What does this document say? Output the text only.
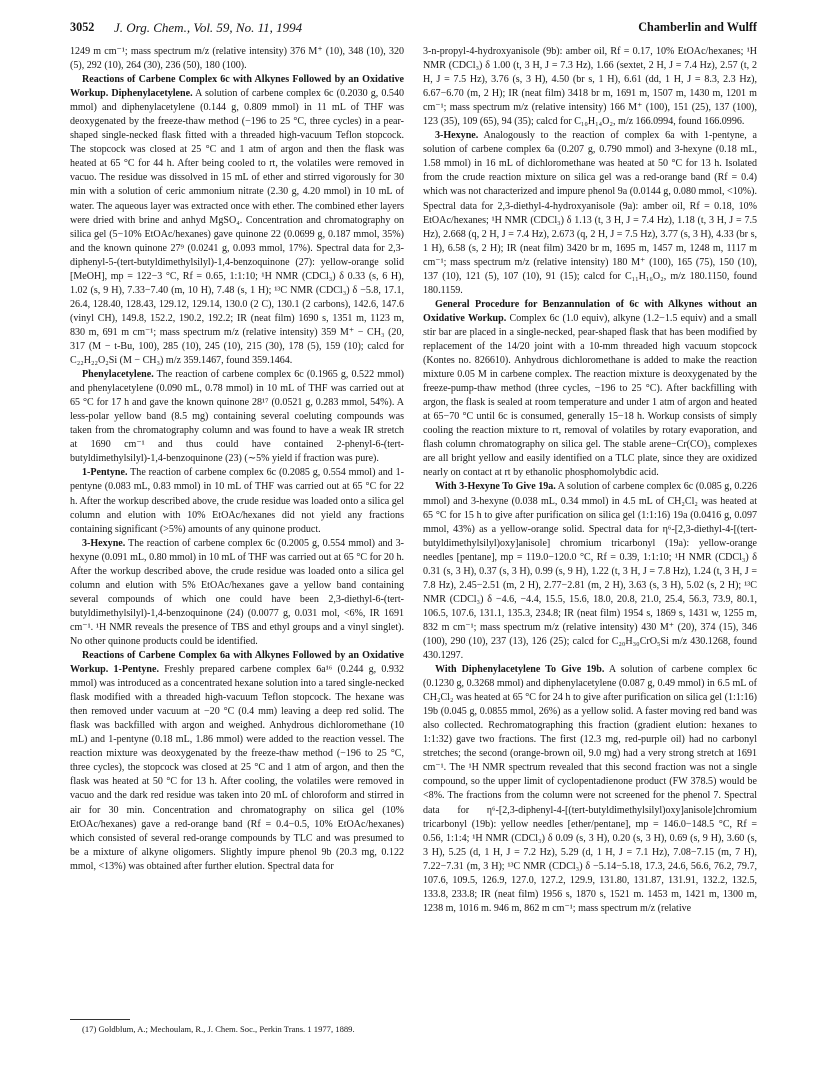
3052 J. Org. Chem., Vol. 59, No. 11, 1994	Chamberlin and Wulff

1249 m cm⁻¹; mass spectrum m/z (relative intensity) 376 M⁺ (10), 348 (10), 320 (5), 292 (10), 264 (30), 236 (50), 180 (100).

Reactions of Carbene Complex 6c with Alkynes Followed by an Oxidative Workup. Diphenylacetylene. A solution of carbene complex 6c (0.2030 g, 0.540 mmol) and diphenylacetylene (0.144 g, 0.809 mmol) in 11 mL of THF was deoxygenated by the freeze-thaw method (−196 to 25 °C, three cycles) in a pear-shaped single-necked flask fitted with a threaded high-vacuum Teflon stopcock. The stopcock was closed at 25 °C and 1 atm of argon and then the flask was heated at 65 °C for 44 h. After being cooled to rt, the volatiles were removed in vacuo. The residue was dissolved in 15 mL of ether and stirred vigorously for 30 min with a solution of ceric ammonium nitrate (2.30 g, 4.20 mmol) in 10 mL of water. The aqueous layer was extracted once with ether. The combined ether layers were dried with brine and anhyd MgSO₄. Concentration and chromatography on silica gel (5−10% EtOAc/hexanes) gave quinone 22 (0.0699 g, 0.187 mmol, 35%) and the known quinone 27⁹ (0.0241 g, 0.093 mmol, 17%). Spectral data for 2,3-diphenyl-5-(tert-butyldimethylsilyl)-1,4-benzoquinone (27): yellow-orange solid [MeOH], mp = 122−3 °C, Rf = 0.65, 1:1:10; ¹H NMR (CDCl₃) δ 0.33 (s, 6 H), 1.02 (s, 9 H), 7.33−7.40 (m, 10 H), 7.48 (s, 1 H); ¹³C NMR (CDCl₃) δ −5.8, 17.1, 26.4, 128.40, 128.43, 129.12, 129.14, 130.0 (2 C), 130.1 (2 carbons), 142.6, 147.6 (vinyl CH), 149.8, 152.2, 190.2, 192.2; IR (neat film) 1690 s, 1351 m, 1123 m, 830 m, 691 m cm⁻¹; mass spectrum m/z (relative intensity) 359 M⁺ − CH₃ (20, 317 (M − t-Bu, 100), 285 (10), 245 (10), 215 (30), 178 (5), 159 (10); calcd for C₂₂H₂₂O₂Si (M − CH₃) m/z 359.1467, found 359.1464.

Phenylacetylene. The reaction of carbene complex 6c (0.1965 g, 0.522 mmol) and phenylacetylene (0.090 mL, 0.78 mmol) in 10 mL of THF was carried out at 65 °C for 17 h and gave the known quinone 28¹⁷ (0.0521 g, 0.283 mmol, 54%). A less-polar yellow band (8.5 mg) containing several coeluting compounds was taken from the chromatography column and was found to have a weak IR stretch at 1690 cm⁻¹ and thus could have contained 2-phenyl-6-(tert-butyldimethylsilyl)-1,4-benzoquinone (23) (∼5% yield if fraction was pure).

1-Pentyne. The reaction of carbene complex 6c (0.2085 g, 0.554 mmol) and 1-pentyne (0.083 mL, 0.83 mmol) in 10 mL of THF was carried out at 65 °C for 22 h. After the workup described above, the crude residue was loaded onto a silica gel column and elution with 10% EtOAc/hexanes did not yield any fractions containing significant (>5%) amounts of any quinone product.

3-Hexyne. The reaction of carbene complex 6c (0.2005 g, 0.554 mmol) and 3-hexyne (0.091 mL, 0.80 mmol) in 10 mL of THF was carried out at 65 °C for 20 h. After the workup described above, the crude residue was loaded onto a silica gel column and elution with 5% EtOAc/hexanes gave a yellow band containing several compounds of which one could have been 2,3-diethyl-6-(tert-butyldimethylsilyl)-1,4-benzoquinone (24) (0.0077 g, 0.031 mol, <6%, IR 1691 cm⁻¹. ¹H NMR reveals the presence of TBS and ethyl groups and a vinyl singlet). No other quinone products could be identified.

Reactions of Carbene Complex 6a with Alkynes Followed by an Oxidative Workup. 1-Pentyne. Freshly prepared carbene complex 6a¹⁶ (0.244 g, 0.932 mmol) was introduced as a concentrated hexane solution into a tared single-necked flask modified with a threaded high-vacuum Teflon stopcock. The hexane was then removed under vacuum at −20 °C (0.4 mm) leaving a deep red solid. The flask was backfilled with argon and weighed. Anhydrous dichloromethane (10 mL) and 1-pentyne (0.18 mL, 1.86 mmol) were added to the reaction vessel. The reaction mixture was deoxygenated by the freeze-thaw method (−196 to 25 °C, three cycles), the stopcock was closed at 25 °C and 1 atm of argon, and then the flask was heated at 50 °C for 13 h. After cooling, the volatiles were removed in vacuo and the dark red residue was taken into 20 mL of chloroform and stirred in air for 30 min. Concentration and chromatography on silica gel (10% EtOAc/hexanes) gave a red-orange band (Rf = 0.4−0.5, 10% EtOAc/hexanes) which consisted of several red-orange compounds by TLC and was presumed to be a mixture of alkyne oligomers. Slightly impure phenol 9b (20.3 mg, 0.122 mmol, <13%) was obtained after further elution. Spectral data for

3-n-propyl-4-hydroxyanisole (9b): amber oil, Rf = 0.17, 10% EtOAc/hexanes; ¹H NMR (CDCl₃) δ 1.00 (t, 3 H, J = 7.3 Hz), 1.66 (sextet, 2 H, J = 7.4 Hz), 2.57 (t, 2 H, J = 7.5 Hz), 3.76 (s, 3 H), 4.50 (br s, 1 H), 6.61 (dd, 1 H, J = 8.3, 2.3 Hz), 6.67−6.70 (m, 2 H); IR (neat film) 3418 br m, 1691 m, 1507 m, 1430 m, 1201 m cm⁻¹; mass spectrum m/z (relative intensity) 166 M⁺ (100), 151 (25), 137 (100), 123 (35), 109 (65), 94 (35); calcd for C₁₀H₁₄O₂, m/z 166.0994, found 166.0996.

3-Hexyne. Analogously to the reaction of complex 6a with 1-pentyne, a solution of carbene complex 6a (0.207 g, 0.790 mmol) and 3-hexyne (0.18 mL, 1.58 mmol) in 16 mL of dichloromethane was heated at 50 °C for 13 h. Isolated from the crude reaction mixture on silica gel was a red-orange band (Rf = 0.4) which was not characterized and impure phenol 9a (0.0144 g, 0.080 mmol, <10%). Spectral data for 2,3-diethyl-4-hydroxyanisole (9a): amber oil, Rf = 0.18, 10% EtOAc/hexanes; ¹H NMR (CDCl₃) δ 1.13 (t, 3 H, J = 7.4 Hz), 1.18 (t, 3 H, J = 7.5 Hz), 2.668 (q, 2 H, J = 7.4 Hz), 2.673 (q, 2 H, J = 7.5 Hz), 3.77 (s, 3 H), 4.33 (br s, 1 H), 6.58 (s, 2 H); IR (neat film) 3420 br m, 1695 m, 1457 m, 1248 m, 1117 m cm⁻¹; mass spectrum m/z (relative intensity) 180 M⁺ (100), 165 (75), 150 (10), 137 (10), 121 (5), 107 (10), 91 (15); calcd for C₁₁H₁₆O₂, m/z 180.1150, found 180.1159.

General Procedure for Benzannulation of 6c with Alkynes without an Oxidative Workup. Complex 6c (1.0 equiv), alkyne (1.2−1.5 equiv) and a small stir bar are placed in a single-necked, pear-shaped flask that has been modified by replacement of the 14/20 joint with a 10-mm threaded high vacuum stopcock (Kontes no. 826610). Anhydrous dichloromethane is added to make the reaction mixture 0.05 M in carbene complex. The reaction mixture is deoxygenated by the freeze-pump-thaw method (three cycles, −196 to 25 °C). After backfilling with argon, the flask is sealed at room temperature and under 1 atm of argon and heated at 65−70 °C until 6c is consumed, generally 15−18 h. Workup consists of simply cooling the reaction mixture to rt, removal of volatiles by rotary evaporation, and flash column chromatography on silica gel. The stable arene−Cr(CO)₃ complexes are all bright yellow and easily identified on a TLC plate, since they are oxidized nearly on contact at rt by ethanolic phosphomolybdic acid.

With 3-Hexyne To Give 19a. A solution of carbene complex 6c (0.085 g, 0.226 mmol) and 3-hexyne (0.038 mL, 0.34 mmol) in 4.5 mL of CH₂Cl₂ was heated at 65 °C for 15 h to give after purification on silica gel (1:1:16) 19a (0.0416 g, 0.097 mmol, 43%) as a yellow-orange solid. Spectral data for η⁶-[2,3-diethyl-4-[(tert-butyldimethylsilyl)oxy]anisole] chromium tricarbonyl (19a): yellow-orange needles [pentane], mp = 119.0−120.0 °C, Rf = 0.39, 1:1:10; ¹H NMR (CDCl₃) δ 0.31 (s, 3 H), 0.37 (s, 3 H), 0.99 (s, 9 H), 1.22 (t, 3 H, J = 7.8 Hz), 1.24 (t, 3 H, J = 7.8 Hz), 2.45−2.51 (m, 2 H), 2.77−2.81 (m, 2 H), 3.63 (s, 3 H), 5.02 (s, 2 H); ¹³C NMR (CDCl₃) δ −4.6, −4.4, 15.5, 15.6, 18.0, 20.8, 21.0, 25.4, 56.3, 73.9, 80.1, 106.5, 107.6, 131.1, 135.3, 234.8; IR (neat film) 1954 s, 1869 s, 1431 w, 1255 m, 832 m cm⁻¹; mass spectrum m/z (relative intensity) 430 M⁺ (20), 374 (15), 346 (100), 290 (10), 237 (13), 126 (25); calcd for C₂₀H₃₀CrO₅Si m/z 430.1268, found 430.1297.

With Diphenylacetylene To Give 19b. A solution of carbene complex 6c (0.1230 g, 0.3268 mmol) and diphenylacetylene (0.087 g, 0.49 mmol) in 6.5 mL of CH₂Cl₂ was heated at 65 °C for 24 h to give after purification on silica gel (1:1:16) 19b (0.045 g, 0.0855 mmol, 26%) as a yellow solid. A faster moving red band was also collected. Rechromatographing this fraction (gradient elution: hexanes to 1:1:32) gave two fractions. The first (12.3 mg, red-purple oil) had no carbonyl stretches; the second (orange-brown oil, 9.0 mg) had a very strong stretch at 1691 cm⁻¹. The ¹H NMR spectrum revealed that this second fraction was not a single compound, so the upper limit of cyclopentadienone product (FW 378.5) would be <8%. The fractions from the column were not screened for the phenol 7. Spectral data for η⁶-[2,3-diphenyl-4-[(tert-butyldimethylsilyl)oxy]anisole]chromium tricarbonyl (19b): yellow needles [ether/pentane], mp = 146.0−148.5 °C, Rf = 0.56, 1:1:4; ¹H NMR (CDCl₃) δ 0.09 (s, 3 H), 0.20 (s, 3 H), 0.69 (s, 9 H), 3.60 (s, 3 H), 5.25 (d, 1 H, J = 7.2 Hz), 5.29 (d, 1 H, J = 7.1 Hz), 7.08−7.15 (m, 7 H), 7.22−7.31 (m, 3 H); ¹³C NMR (CDCl₃) δ −5.14−5.18, 17.3, 24.6, 56.6, 76.2, 79.7, 107.6, 109.5, 126.9, 127.0, 127.2, 129.9, 131.80, 131.87, 131.91, 132.2, 132.5, 133.8, 233.8; IR (neat film) 1956 s, 1870 s, 1521 m. 1453 m, 1421 m, 1300 m, 1238 m, 1016 m. 946 m, 862 m cm⁻¹; mass spectrum m/z (relative

(17) Goldblum, A.; Mechoulam, R., J. Chem. Soc., Perkin Trans. 1 1977, 1889.
